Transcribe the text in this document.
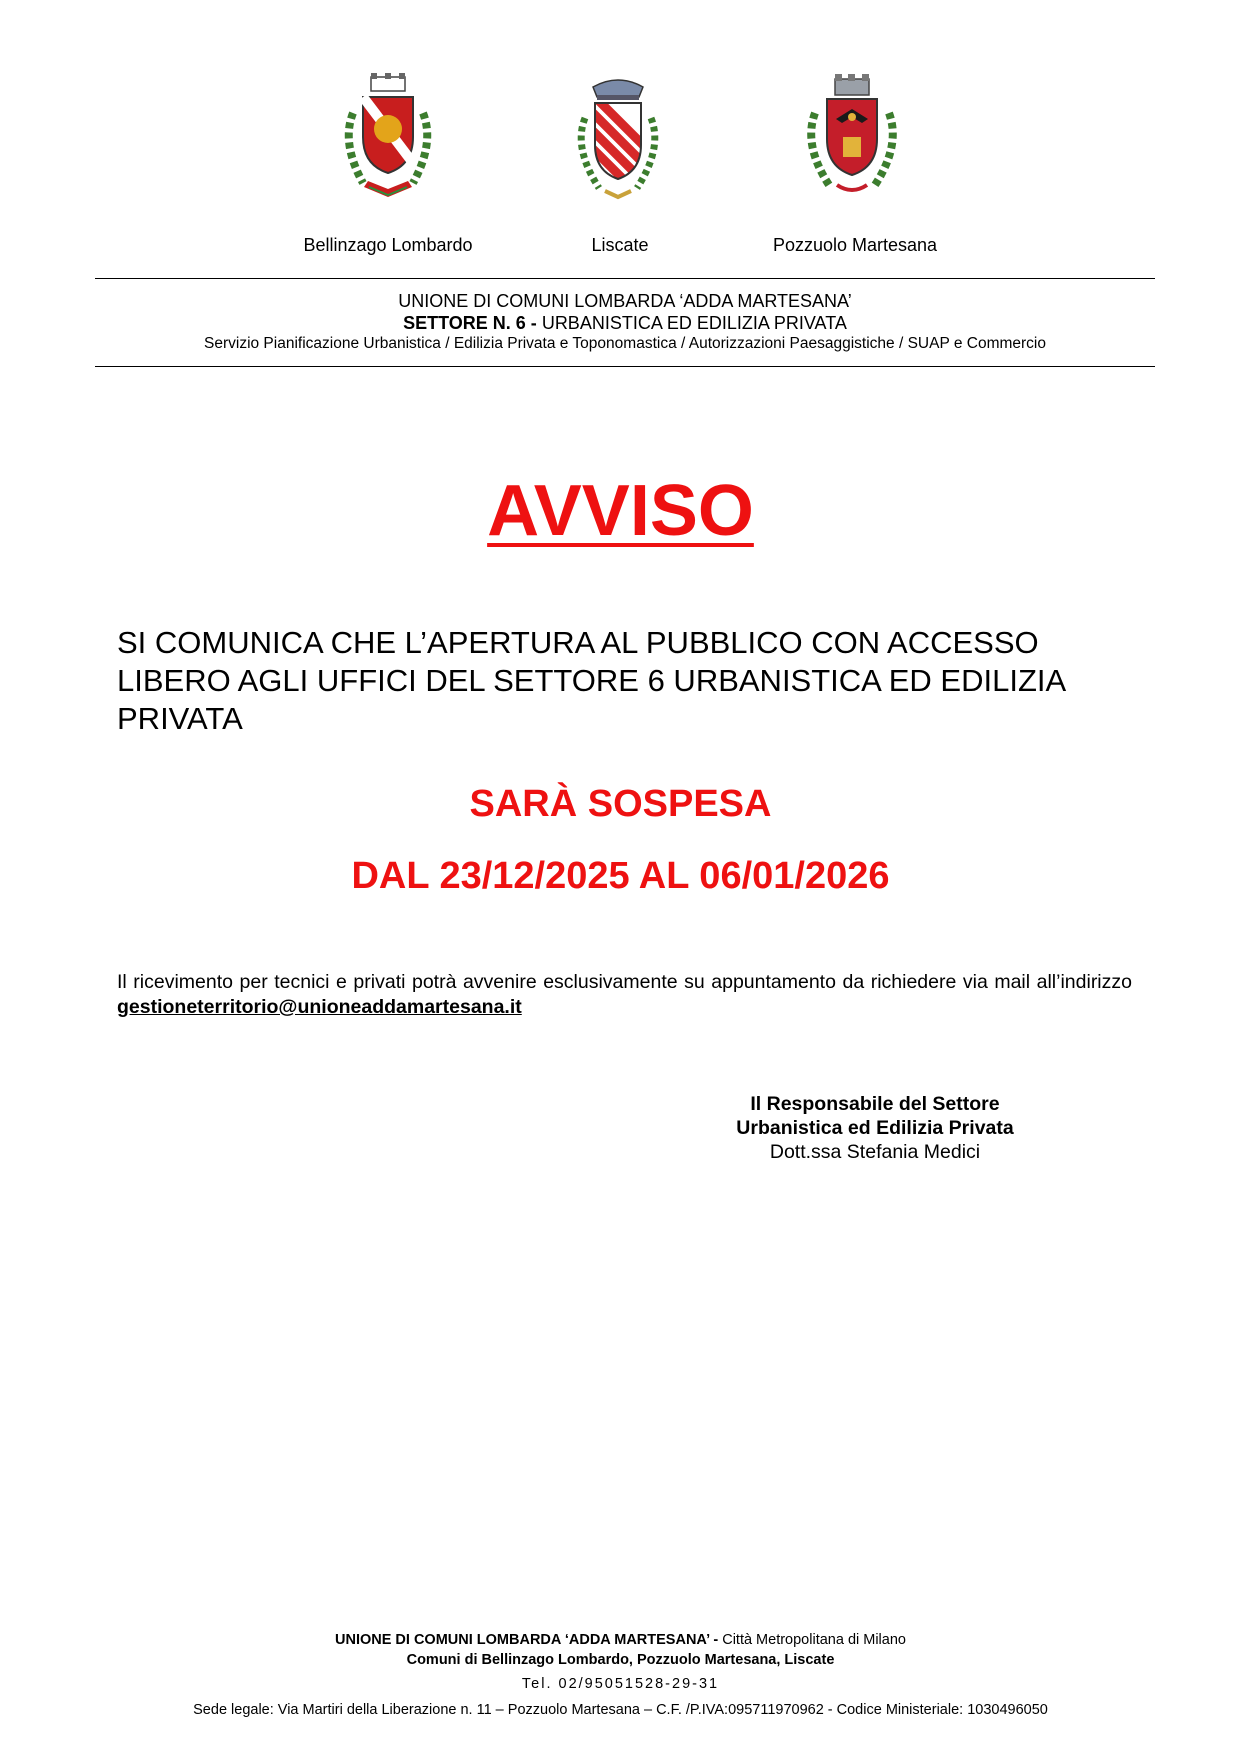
Bellinzago Lombardo	Liscate	Pozzuolo Martesana
UNIONE DI COMUNI LOMBARDA ‘ADDA MARTESANA’
SETTORE N. 6 - URBANISTICA ED EDILIZIA PRIVATA
Servizio Pianificazione Urbanistica / Edilizia Privata e Toponomastica / Autorizzazioni Paesaggistiche / SUAP e Commercio
AVVISO
SI COMUNICA CHE L’APERTURA AL PUBBLICO CON ACCESSO LIBERO AGLI UFFICI DEL SETTORE 6 URBANISTICA ED EDILIZIA PRIVATA
SARÀ SOSPESA
DAL 23/12/2025 AL 06/01/2026
Il ricevimento per tecnici e privati potrà avvenire esclusivamente su appuntamento da richiedere via mail all’indirizzo gestioneterritorio@unioneaddamartesana.it
Il Responsabile del Settore
Urbanistica ed Edilizia Privata
Dott.ssa Stefania Medici
UNIONE DI COMUNI LOMBARDA ‘ADDA MARTESANA’ - Città Metropolitana di Milano
Comuni di Bellinzago Lombardo, Pozzuolo Martesana, Liscate
Tel. 02/95051528-29-31
Sede legale: Via Martiri della Liberazione n. 11 – Pozzuolo Martesana – C.F. /P.IVA:095711970962 - Codice Ministeriale: 1030496050
